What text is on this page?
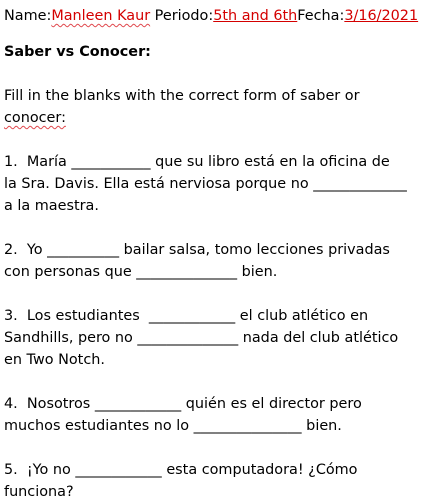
Name:Manleen Kaur Periodo:5th and 6thFecha:3/16/2021
Saber vs Conocer:
Fill in the blanks with the correct form of saber or
conocer:
1.  María ___________ que su libro está en la oficina de
la Sra. Davis. Ella está nerviosa porque no _____________
a la maestra.
2.  Yo __________ bailar salsa, tomo lecciones privadas
con personas que ______________ bien.
3.  Los estudiantes  ____________ el club atlético en
Sandhills, pero no ______________ nada del club atlético
en Two Notch.
4.  Nosotros ____________ quién es el director pero
muchos estudiantes no lo _______________ bien.
5.  ¡Yo no ____________ esta computadora! ¿Cómo
funciona?
